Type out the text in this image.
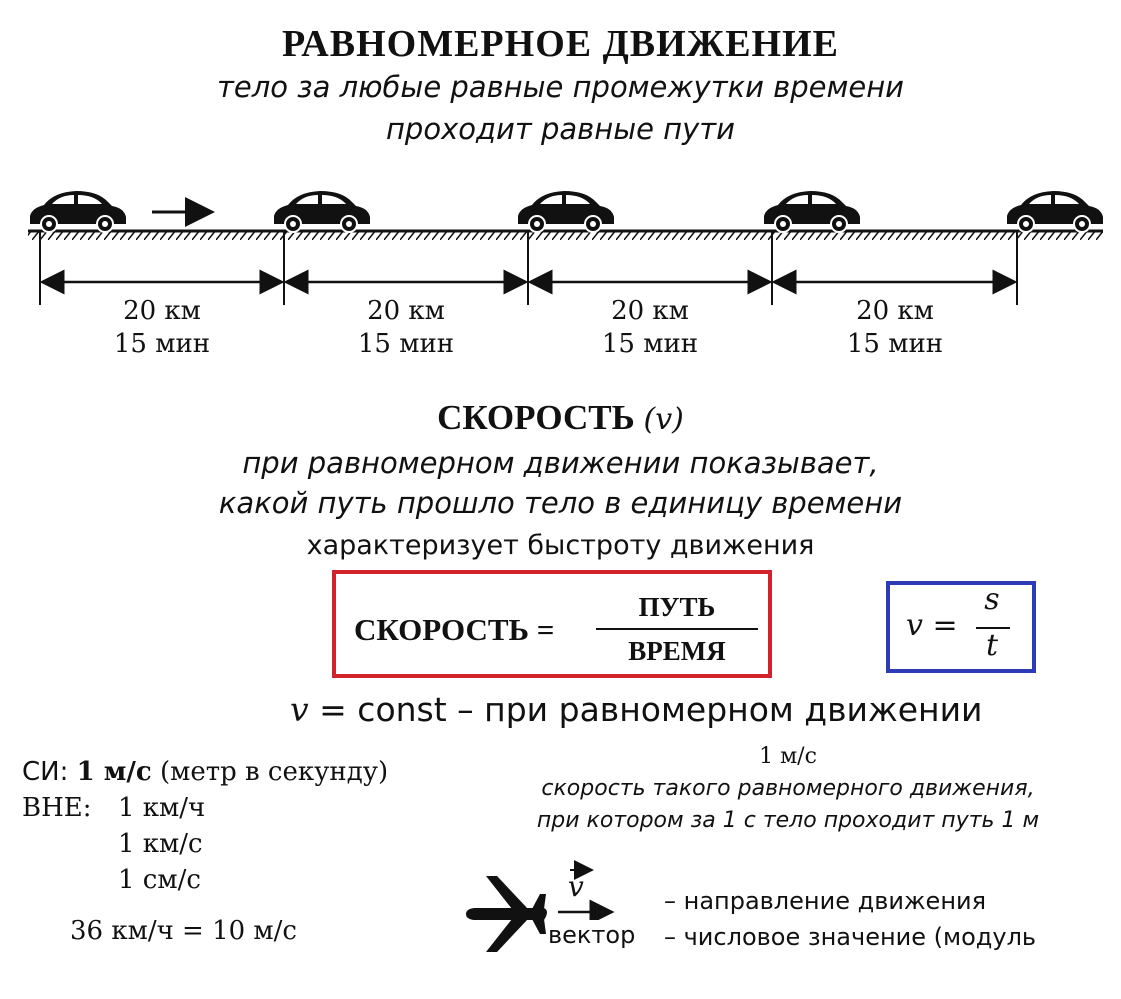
РАВНОМЕРНОЕ ДВИЖЕНИЕ
тело за любые равные промежутки времени
проходит равные пути
20 км
15 мин
20 км
15 мин
20 км
15 мин
20 км
15 мин
СКОРОСТЬ (v)
при равномерном движении показывает,
какой путь прошло тело в единицу времени
характеризует быстроту движения
СКОРОСТЬ =
ПУТЬ
ВРЕМЯ
v =
s
t
v = const – при равномерном движении
СИ: 1 м/с (метр в секунду)
ВНЕ: 1 км/ч
1 км/с
1 см/с
36 км/ч = 10 м/с
1 м/с
скорость такого равномерного движения,
при котором за 1 с тело проходит путь 1 м
v
вектор
– направление движения
– числовое значение (модуль
